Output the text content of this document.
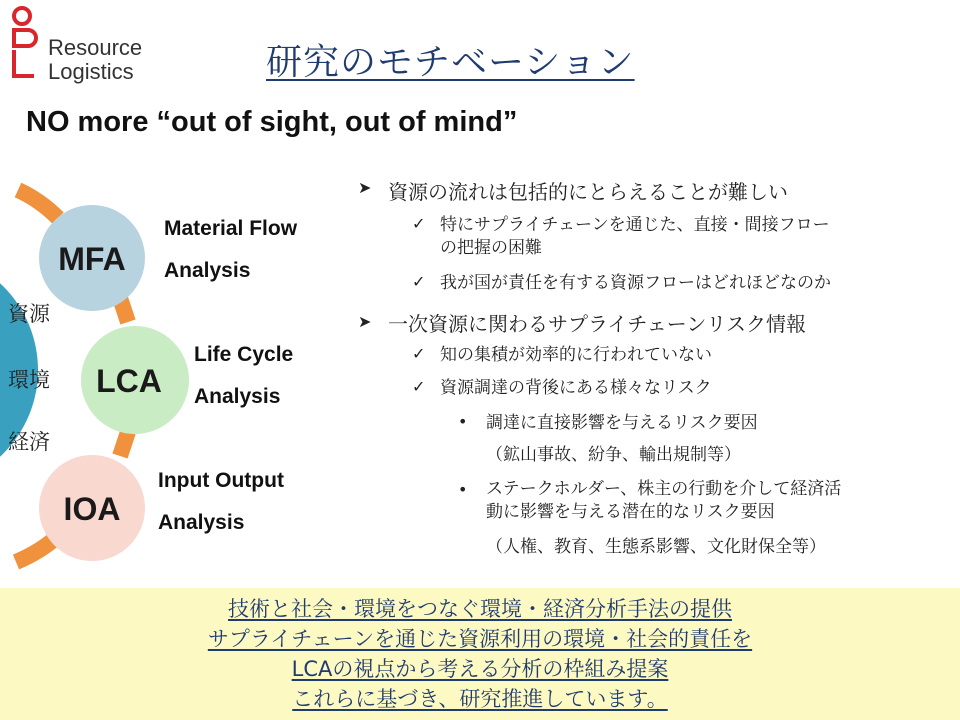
Resource
Logistics	研究のモチベーション
NO more “out of sight, out of mind”
MFA
LCA
IOA
資源
環境
経済
Material Flow
Analysis
Life Cycle
Analysis
Input Output
Analysis
➤ 資源の流れは包括的にとらえることが難しい
✓ 特にサプライチェーンを通じた、直接・間接フロー
の把握の困難
✓ 我が国が責任を有する資源フローはどれほどなのか
➤ 一次資源に関わるサプライチェーンリスク情報
✓ 知の集積が効率的に行われていない
✓ 資源調達の背後にある様々なリスク
• 調達に直接影響を与えるリスク要因
（鉱山事故、紛争、輸出規制等）
• ステークホルダー、株主の行動を介して経済活
動に影響を与える潜在的なリスク要因
（人権、教育、生態系影響、文化財保全等）
技術と社会・環境をつなぐ環境・経済分析手法の提供
サプライチェーンを通じた資源利用の環境・社会的責任を
LCAの視点から考える分析の枠組み提案
これらに基づき、研究推進しています。
